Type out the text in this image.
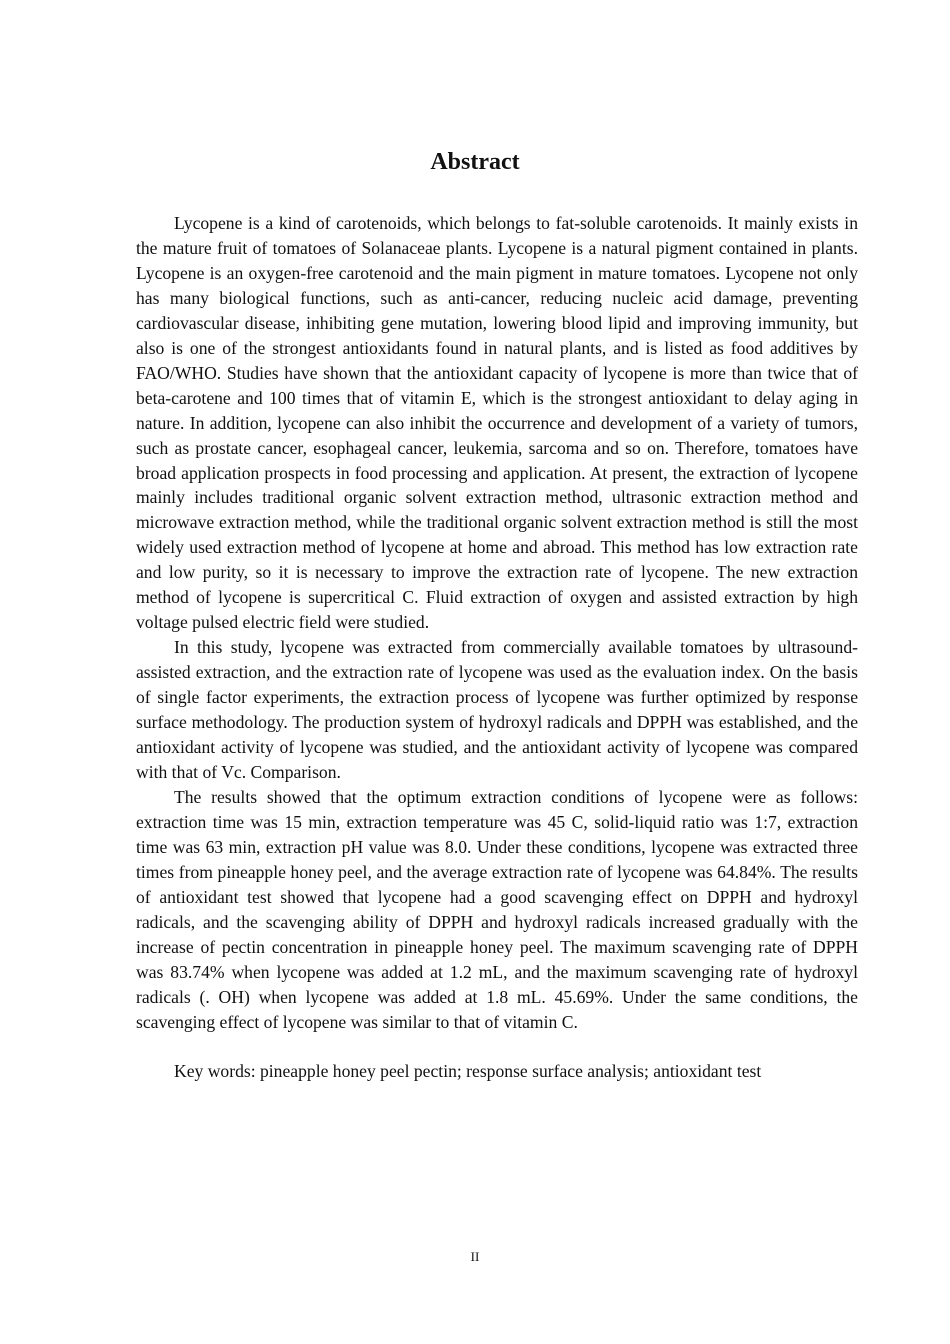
Abstract

Lycopene is a kind of carotenoids, which belongs to fat-soluble carotenoids. It mainly exists in the mature fruit of tomatoes of Solanaceae plants. Lycopene is a natural pigment contained in plants. Lycopene is an oxygen-free carotenoid and the main pigment in mature tomatoes. Lycopene not only has many biological functions, such as anti-cancer, reducing nucleic acid damage, preventing cardiovascular disease, inhibiting gene mutation, lowering blood lipid and improving immunity, but also is one of the strongest antioxidants found in natural plants, and is listed as food additives by FAO/WHO. Studies have shown that the antioxidant capacity of lycopene is more than twice that of beta-carotene and 100 times that of vitamin E, which is the strongest antioxidant to delay aging in nature. In addition, lycopene can also inhibit the occurrence and development of a variety of tumors, such as prostate cancer, esophageal cancer, leukemia, sarcoma and so on. Therefore, tomatoes have broad application prospects in food processing and application. At present, the extraction of lycopene mainly includes traditional organic solvent extraction method, ultrasonic extraction method and microwave extraction method, while the traditional organic solvent extraction method is still the most widely used extraction method of lycopene at home and abroad. This method has low extraction rate and low purity, so it is necessary to improve the extraction rate of lycopene. The new extraction method of lycopene is supercritical C. Fluid extraction of oxygen and assisted extraction by high voltage pulsed electric field were studied.

In this study, lycopene was extracted from commercially available tomatoes by ultrasound-assisted extraction, and the extraction rate of lycopene was used as the evaluation index. On the basis of single factor experiments, the extraction process of lycopene was further optimized by response surface methodology. The production system of hydroxyl radicals and DPPH was established, and the antioxidant activity of lycopene was studied, and the antioxidant activity of lycopene was compared with that of Vc. Comparison.

The results showed that the optimum extraction conditions of lycopene were as follows: extraction time was 15 min, extraction temperature was 45 C, solid-liquid ratio was 1:7, extraction time was 63 min, extraction pH value was 8.0. Under these conditions, lycopene was extracted three times from pineapple honey peel, and the average extraction rate of lycopene was 64.84%. The results of antioxidant test showed that lycopene had a good scavenging effect on DPPH and hydroxyl radicals, and the scavenging ability of DPPH and hydroxyl radicals increased gradually with the increase of pectin concentration in pineapple honey peel. The maximum scavenging rate of DPPH was 83.74% when lycopene was added at 1.2 mL, and the maximum scavenging rate of hydroxyl radicals (. OH) when lycopene was added at 1.8 mL. 45.69%. Under the same conditions, the scavenging effect of lycopene was similar to that of vitamin C.

Key words: pineapple honey peel pectin; response surface analysis; antioxidant test

II
